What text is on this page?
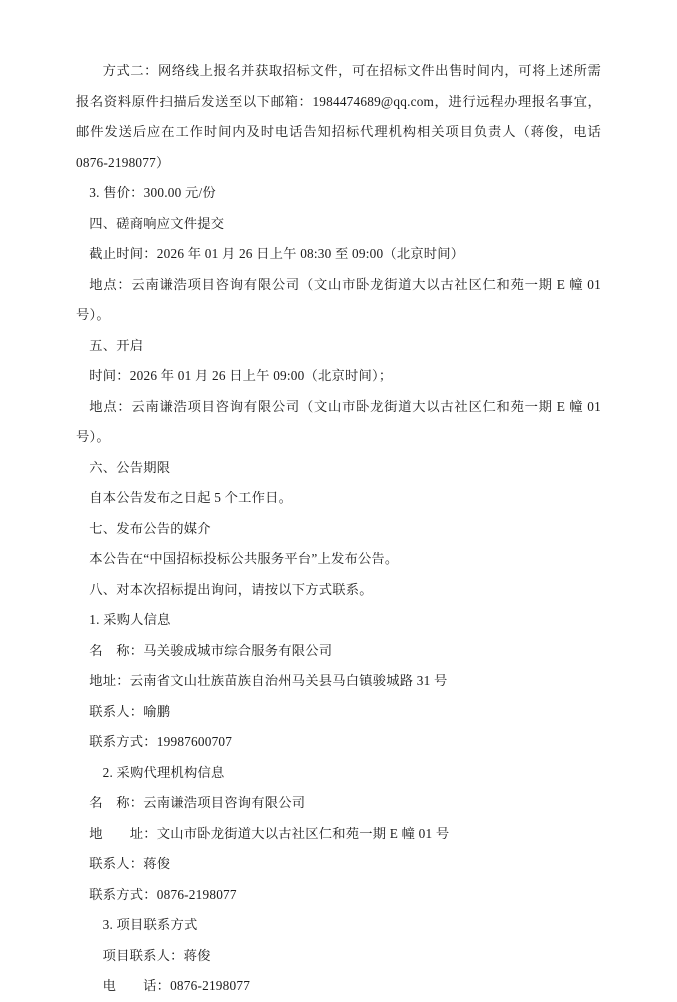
方式二：网络线上报名并获取招标文件，可在招标文件出售时间内，可将上述所需报名资料原件扫描后发送至以下邮箱：1984474689@qq.com，进行远程办理报名事宜，邮件发送后应在工作时间内及时电话告知招标代理机构相关项目负责人（蒋俊，电话 0876-2198077）

3. 售价：300.00 元/份

四、磋商响应文件提交

截止时间：2026 年 01 月 26 日上午 08:30 至 09:00（北京时间）

地点：云南谦浩项目咨询有限公司（文山市卧龙街道大以古社区仁和苑一期 E 幢 01 号）。

五、开启

时间：2026 年 01 月 26 日上午 09:00（北京时间）；

地点：云南谦浩项目咨询有限公司（文山市卧龙街道大以古社区仁和苑一期 E 幢 01 号）。

六、公告期限

自本公告发布之日起 5 个工作日。

七、发布公告的媒介

本公告在“中国招标投标公共服务平台”上发布公告。

八、对本次招标提出询问，请按以下方式联系。

1. 采购人信息

名　称：马关骏成城市综合服务有限公司

地址：云南省文山壮族苗族自治州马关县马白镇骏城路 31 号

联系人：喻鹏

联系方式：19987600707

2. 采购代理机构信息

名　称：云南谦浩项目咨询有限公司

地　　址：文山市卧龙街道大以古社区仁和苑一期 E 幢 01 号

联系人：蒋俊

联系方式：0876-2198077

3. 项目联系方式

项目联系人：蒋俊

电　　话：0876-2198077
